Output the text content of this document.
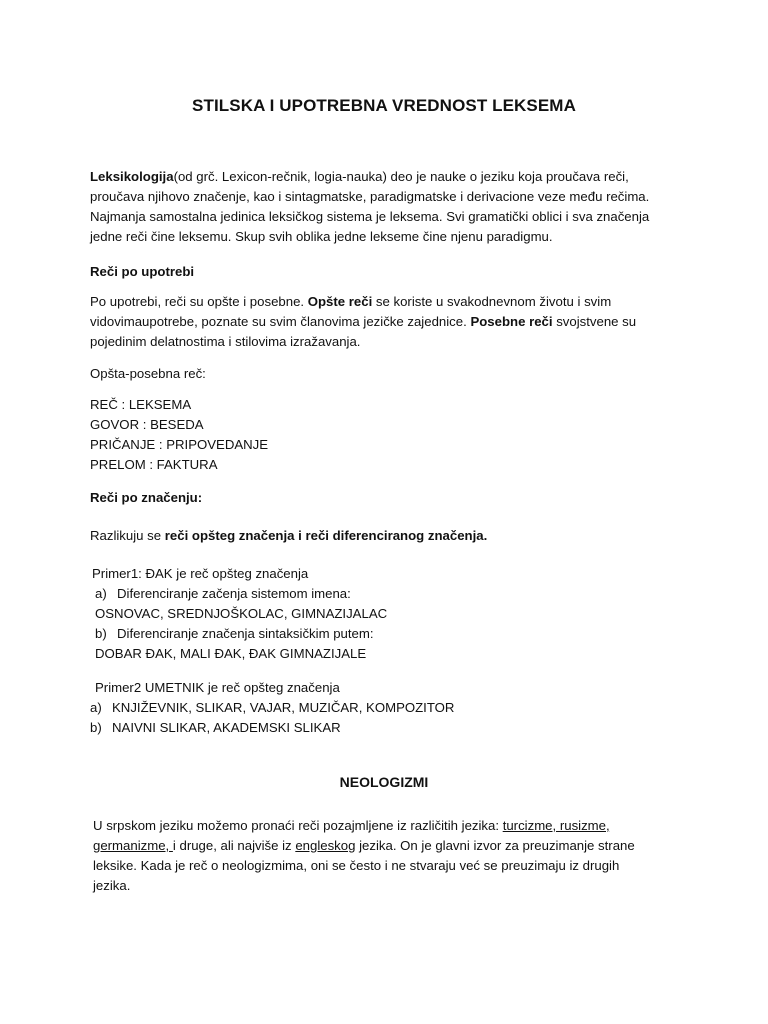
STILSKA I UPOTREBNA VREDNOST LEKSEMA
Leksikologija(od grč. Lexicon-rečnik, logia-nauka) deo je nauke o jeziku koja proučava reči,
proučava njihovo značenje, kao i sintagmatske, paradigmatske i derivacione veze među rečima.
Najmanja samostalna jedinica leksičkog sistema je leksema. Svi gramatički oblici i sva značenja
jedne reči čine leksemu. Skup svih oblika jedne lekseme čine njenu paradigmu.
Reči po upotrebi
Po upotrebi, reči su opšte i posebne. Opšte reči se koriste u svakodnevnom životu i svim
vidovimaupotrebe, poznate su svim članovima jezičke zajednice. Posebne reči svojstvene su
pojedinim delatnostima i stilovima izražavanja.
Opšta-posebna reč:
REČ : LEKSEMA
GOVOR : BESEDA
PRIČANJE : PRIPOVEDANJE
PRELOM : FAKTURA
Reči po značenju:
Razlikuju se reči opšteg značenja i reči diferenciranog značenja.
Primer1: ĐAK je reč opšteg značenja
a) Diferenciranje začenja sistemom imena:
OSNOVAC, SREDNJOŠKOLAC, GIMNAZIJALAC
b) Diferenciranje značenja sintaksičkim putem:
DOBAR ĐAK, MALI ĐAK, ĐAK GIMNAZIJALE
Primer2 UMETNIK je reč opšteg značenja
a) KNJIŽEVNIK, SLIKAR, VAJAR, MUZIČAR, KOMPOZITOR
b) NAIVNI SLIKAR, AKADEMSKI SLIKAR
NEOLOGIZMI
U srpskom jeziku možemo pronaći reči pozajmljene iz različitih jezika: turcizme, rusizme,
germanizme, i druge, ali najviše iz engleskog jezika. On je glavni izvor za preuzimanje strane
leksike. Kada je reč o neologizmima, oni se često i ne stvaraju već se preuzimaju iz drugih
jezika.
